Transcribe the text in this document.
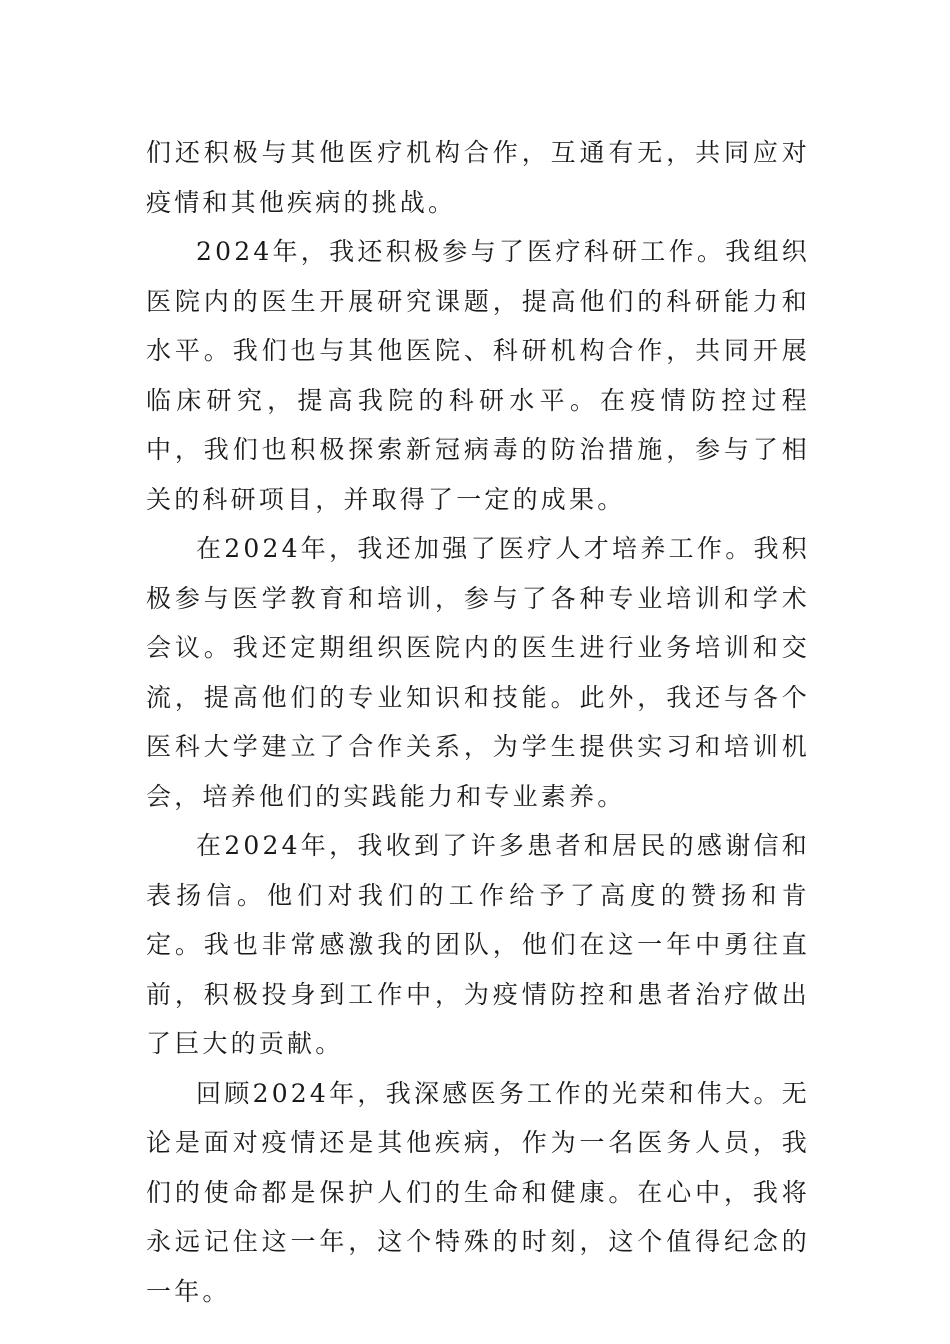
们还积极与其他医疗机构合作，互通有无，共同应对疫情和其他疾病的挑战。

2024年，我还积极参与了医疗科研工作。我组织医院内的医生开展研究课题，提高他们的科研能力和水平。我们也与其他医院、科研机构合作，共同开展临床研究，提高我院的科研水平。在疫情防控过程中，我们也积极探索新冠病毒的防治措施，参与了相关的科研项目，并取得了一定的成果。

在2024年，我还加强了医疗人才培养工作。我积极参与医学教育和培训，参与了各种专业培训和学术会议。我还定期组织医院内的医生进行业务培训和交流，提高他们的专业知识和技能。此外，我还与各个医科大学建立了合作关系，为学生提供实习和培训机会，培养他们的实践能力和专业素养。

在2024年，我收到了许多患者和居民的感谢信和表扬信。他们对我们的工作给予了高度的赞扬和肯定。我也非常感激我的团队，他们在这一年中勇往直前，积极投身到工作中，为疫情防控和患者治疗做出了巨大的贡献。

回顾2024年，我深感医务工作的光荣和伟大。无论是面对疫情还是其他疾病，作为一名医务人员，我们的使命都是保护人们的生命和健康。在心中，我将永远记住这一年，这个特殊的时刻，这个值得纪念的一年。
